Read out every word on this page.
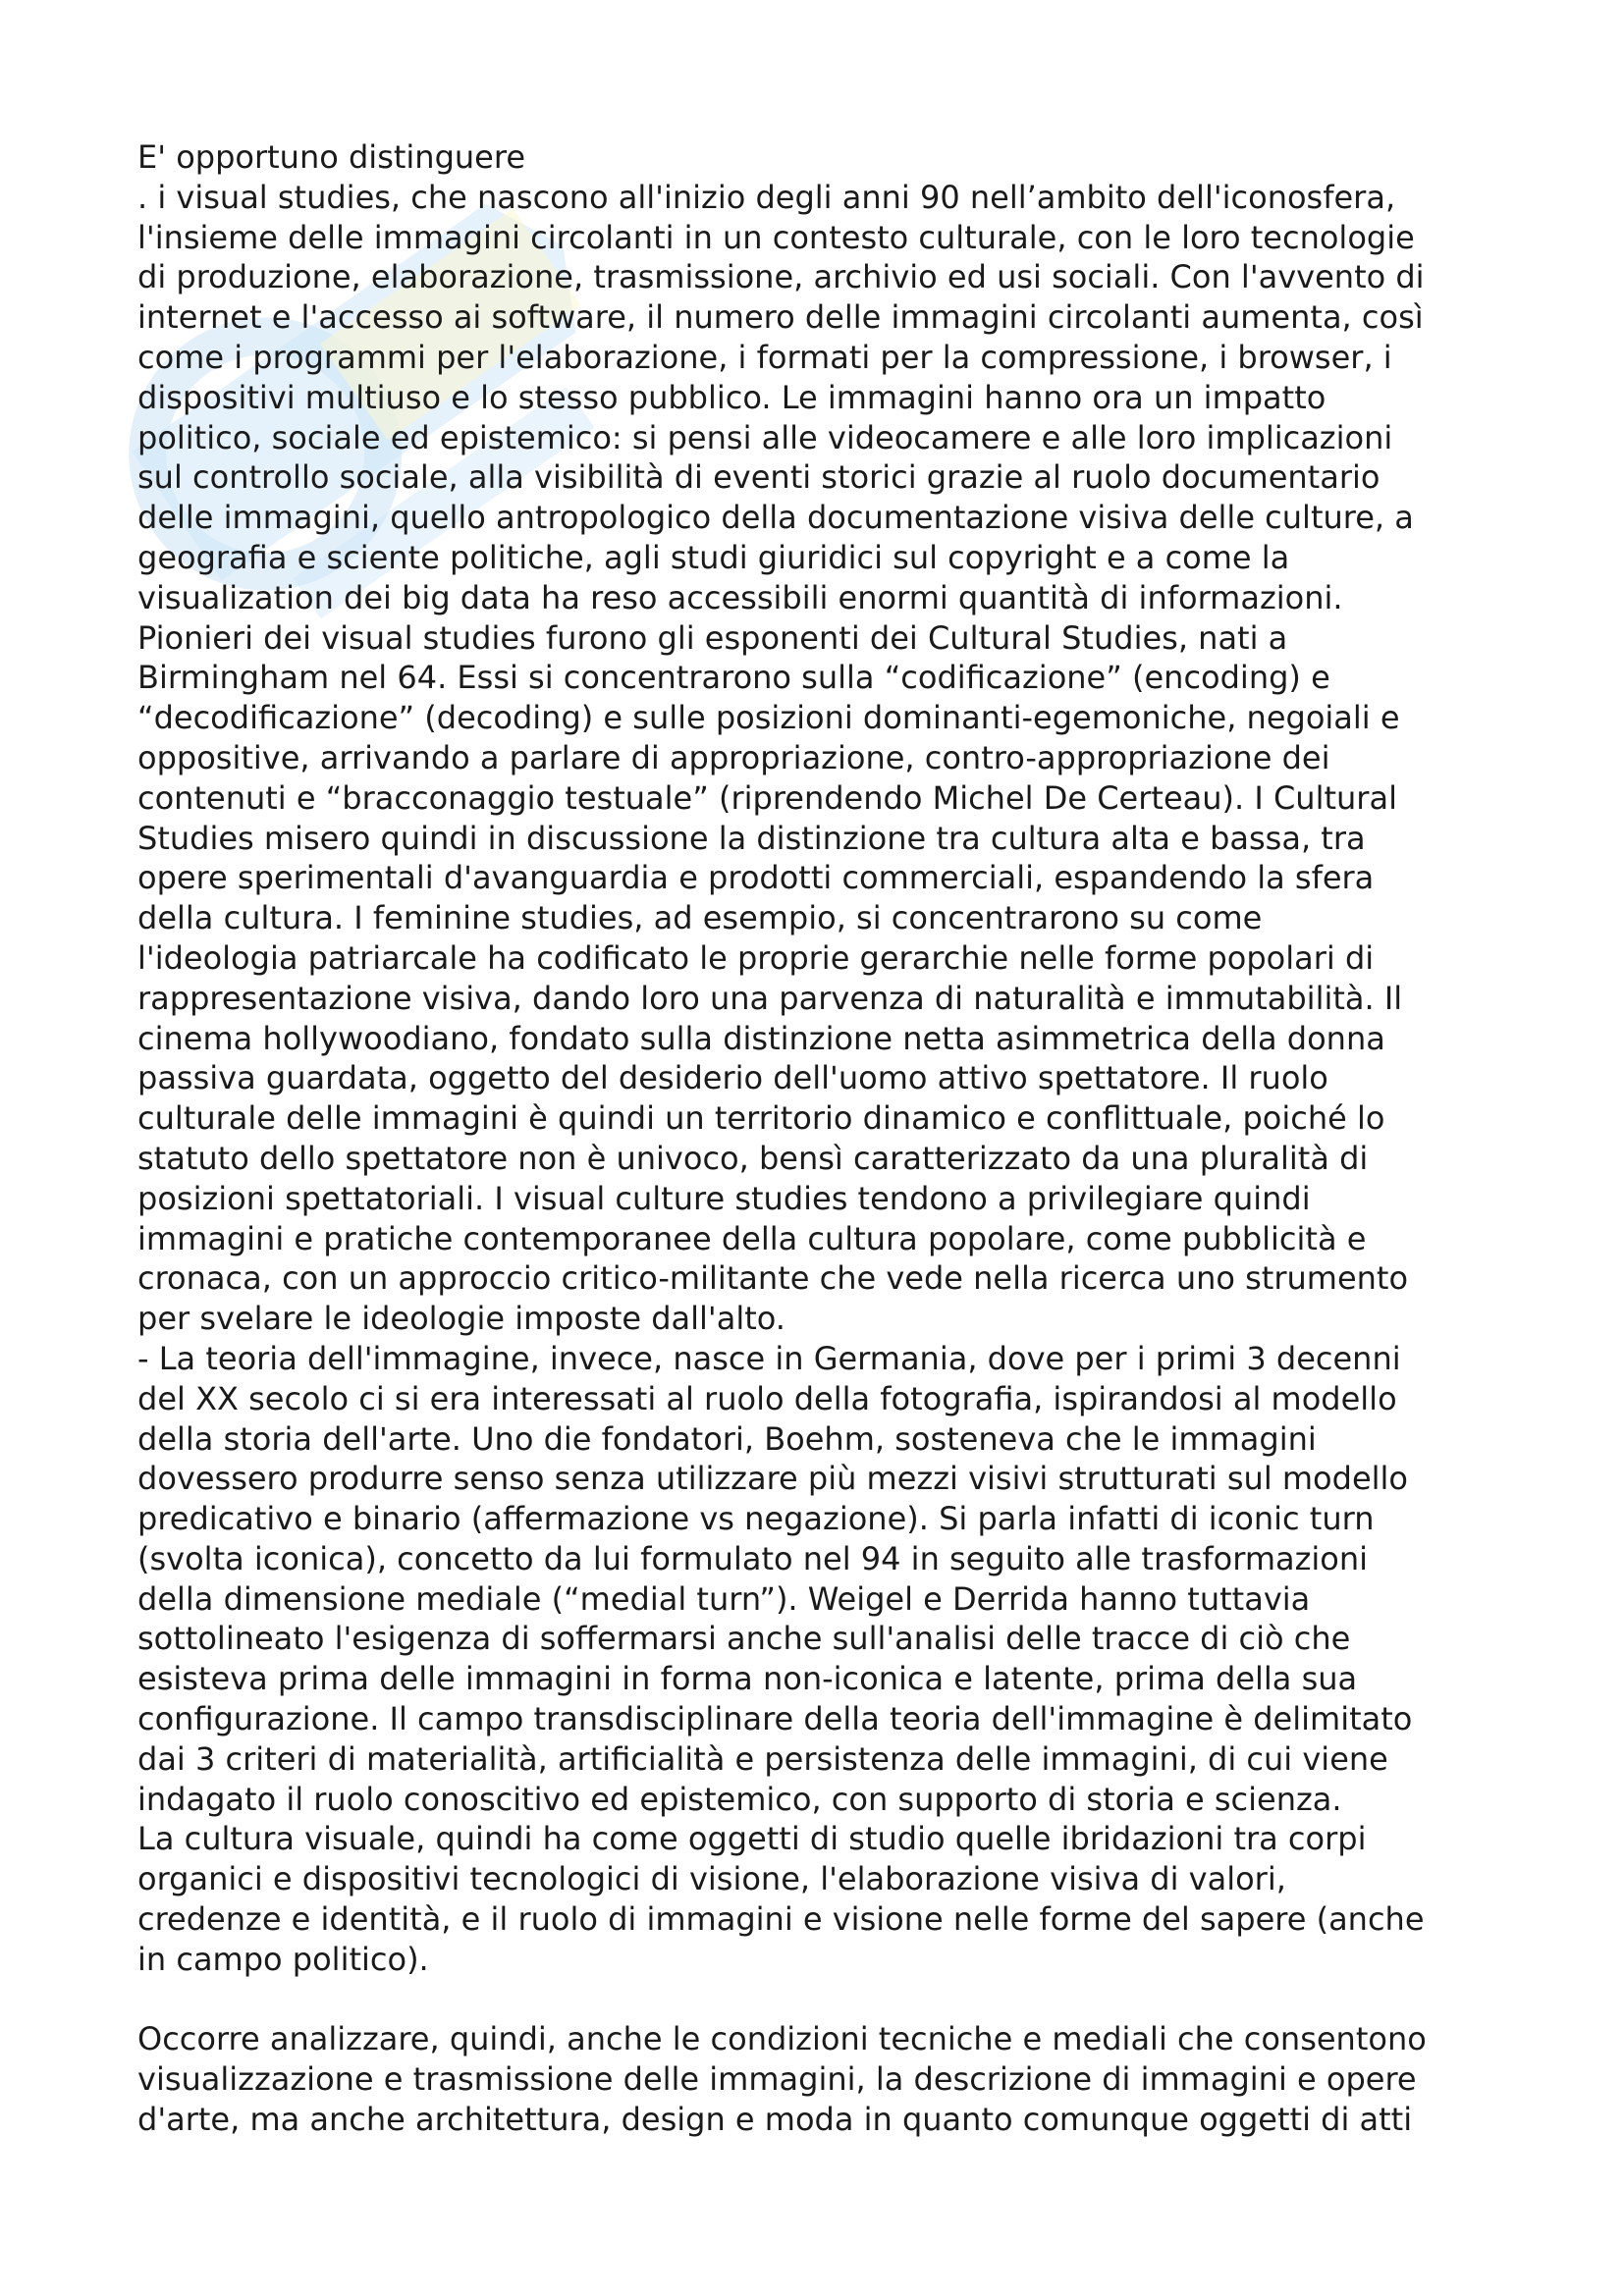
E' opportuno distinguere
. i visual studies, che nascono all'inizio degli anni 90 nell’ambito dell'iconosfera,
l'insieme delle immagini circolanti in un contesto culturale, con le loro tecnologie
di produzione, elaborazione, trasmissione, archivio ed usi sociali. Con l'avvento di
internet e l'accesso ai software, il numero delle immagini circolanti aumenta, così
come i programmi per l'elaborazione, i formati per la compressione, i browser, i
dispositivi multiuso e lo stesso pubblico. Le immagini hanno ora un impatto
politico, sociale ed epistemico: si pensi alle videocamere e alle loro implicazioni
sul controllo sociale, alla visibilità di eventi storici grazie al ruolo documentario
delle immagini, quello antropologico della documentazione visiva delle culture, a
geografia e sciente politiche, agli studi giuridici sul copyright e a come la
visualization dei big data ha reso accessibili enormi quantità di informazioni.
Pionieri dei visual studies furono gli esponenti dei Cultural Studies, nati a
Birmingham nel 64. Essi si concentrarono sulla “codificazione” (encoding) e
“decodificazione” (decoding) e sulle posizioni dominanti-egemoniche, negoiali e
oppositive, arrivando a parlare di appropriazione, contro-appropriazione dei
contenuti e “bracconaggio testuale” (riprendendo Michel De Certeau). I Cultural
Studies misero quindi in discussione la distinzione tra cultura alta e bassa, tra
opere sperimentali d'avanguardia e prodotti commerciali, espandendo la sfera
della cultura. I feminine studies, ad esempio, si concentrarono su come
l'ideologia patriarcale ha codificato le proprie gerarchie nelle forme popolari di
rappresentazione visiva, dando loro una parvenza di naturalità e immutabilità. Il
cinema hollywoodiano, fondato sulla distinzione netta asimmetrica della donna
passiva guardata, oggetto del desiderio dell'uomo attivo spettatore. Il ruolo
culturale delle immagini è quindi un territorio dinamico e conflittuale, poiché lo
statuto dello spettatore non è univoco, bensì caratterizzato da una pluralità di
posizioni spettatoriali. I visual culture studies tendono a privilegiare quindi
immagini e pratiche contemporanee della cultura popolare, come pubblicità e
cronaca, con un approccio critico-militante che vede nella ricerca uno strumento
per svelare le ideologie imposte dall'alto.
- La teoria dell'immagine, invece, nasce in Germania, dove per i primi 3 decenni
del XX secolo ci si era interessati al ruolo della fotografia, ispirandosi al modello
della storia dell'arte. Uno die fondatori, Boehm, sosteneva che le immagini
dovessero produrre senso senza utilizzare più mezzi visivi strutturati sul modello
predicativo e binario (affermazione vs negazione). Si parla infatti di iconic turn
(svolta iconica), concetto da lui formulato nel 94 in seguito alle trasformazioni
della dimensione mediale (“medial turn”). Weigel e Derrida hanno tuttavia
sottolineato l'esigenza di soffermarsi anche sull'analisi delle tracce di ciò che
esisteva prima delle immagini in forma non-iconica e latente, prima della sua
configurazione. Il campo transdisciplinare della teoria dell'immagine è delimitato
dai 3 criteri di materialità, artificialità e persistenza delle immagini, di cui viene
indagato il ruolo conoscitivo ed epistemico, con supporto di storia e scienza.
La cultura visuale, quindi ha come oggetti di studio quelle ibridazioni tra corpi
organici e dispositivi tecnologici di visione, l'elaborazione visiva di valori,
credenze e identità, e il ruolo di immagini e visione nelle forme del sapere (anche
in campo politico).
Occorre analizzare, quindi, anche le condizioni tecniche e mediali che consentono
visualizzazione e trasmissione delle immagini, la descrizione di immagini e opere
d'arte, ma anche architettura, design e moda in quanto comunque oggetti di atti
